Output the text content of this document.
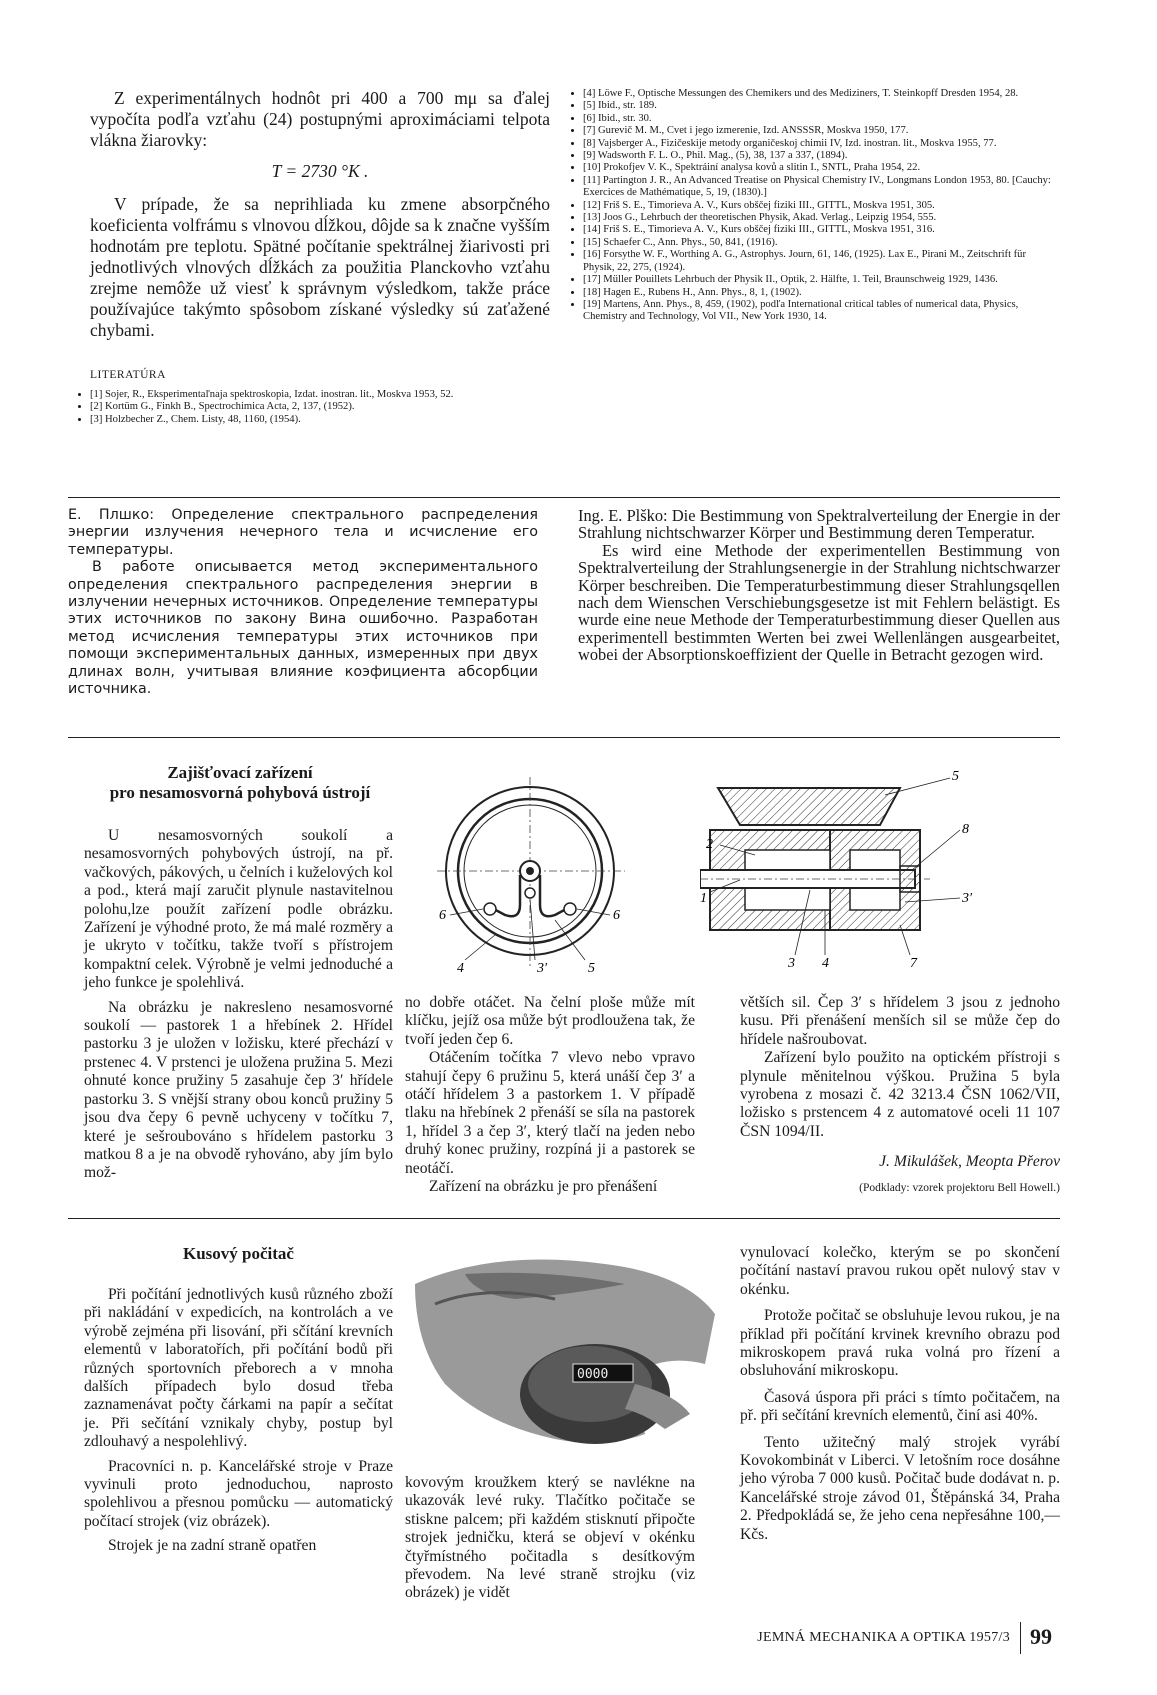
Z experimentálnych hodnôt pri 400 a 700 mμ sa ďalej vypočíta podľa vzťahu (24) postupnými aproximáciami telpota vlákna žiarovky:

T = 2730 °K .

V prípade, že sa neprihliada ku zmene absorpčného koeficienta volfrámu s vlnovou dĺžkou, dôjde sa k značne vyšším hodnotám pre teplotu. Spätné počítanie spektrálnej žiarivosti pri jednotlivých vlnových dĺžkách za použitia Planckovho vzťahu zrejme nemôže už viesť k správnym výsledkom, takže práce používajúce takýmto spôsobom získané výsledky sú zaťažené chybami.

LITERATÚRA

• [1] Sojer, R., Eksperimentaľnaja spektroskopia, Izdat. inostran. lit., Moskva 1953, 52.
• [2] Kortüm G., Finkh B., Spectrochimica Acta, 2, 137, (1952).
• [3] Holzbecher Z., Chem. Listy, 48, 1160, (1954).
• [4] Löwe F., Optische Messungen des Chemikers und des Mediziners, T. Steinkopff Dresden 1954, 28.
• [5] Ibid., str. 189.
• [6] Ibid., str. 30.
• [7] Gurevič M. M., Cvet i jego izmerenie, Izd. ANSSSR, Moskva 1950, 177.
• [8] Vajsberger A., Fizičeskije metody organičeskoj chimii IV, Izd. inostran. lit., Moskva 1955, 77.
• [9] Wadsworth F. L. O., Phil. Mag., (5), 38, 137 a 337, (1894).
• [10] Prokofjev V. K., Spektráiní analysa kovů a slitin I., SNTL, Praha 1954, 22.
• [11] Partington J. R., An Advanced Treatise on Physical Chemistry IV., Longmans London 1953, 80. [Cauchy: Exercices de Mathématique, 5, 19, (1830).]
• [12] Friš S. E., Timorieva A. V., Kurs obščej fiziki III., GITTL, Moskva 1951, 305.
• [13] Joos G., Lehrbuch der theoretischen Physik, Akad. Verlag., Leipzig 1954, 555.
• [14] Friš S. E., Timorieva A. V., Kurs obščej fiziki III., GITTL, Moskva 1951, 316.
• [15] Schaefer C., Ann. Phys., 50, 841, (1916).
• [16] Forsythe W. F., Worthing A. G., Astrophys. Journ, 61, 146, (1925). Lax E., Pirani M., Zeitschrift für Physik, 22, 275, (1924).
• [17] Müller Pouillets Lehrbuch der Physik II., Optik, 2. Hälfte, 1. Teil, Braunschweig 1929, 1436.
• [18] Hagen E., Rubens H., Ann. Phys., 8, 1, (1902).
• [19] Martens, Ann. Phys., 8, 459, (1902), podľa International critical tables of numerical data, Physics, Chemistry and Technology, Vol VII., New York 1930, 14.

Е. Плшко: Определение спектрального распределения энергии излучения нечерного тела и исчисление его температуры.

В работе описывается метод экспериментального определения спектрального распределения энергии в излучении нечерных источников. Определение температуры этих источников по закону Вина ошибочно. Разработан метод исчисления температуры этих источников при помощи экспериментальных данных, измеренных при двух длинах волн, учитывая влияние коэфициента абсорбции источника.

Ing. E. Plško: Die Bestimmung von Spektralverteilung der Energie in der Strahlung nichtschwarzer Körper und Bestimmung deren Temperatur.

Es wird eine Methode der experimentellen Bestimmung von Spektralverteilung der Strahlungsenergie in der Strahlung nichtschwarzer Körper beschreiben. Die Temperaturbestimmung dieser Strahlungsqellen nach dem Wienschen Verschiebungsgesetze ist mit Fehlern belästigt. Es wurde eine neue Methode der Temperaturbestimmung dieser Quellen aus experimentell bestimmten Werten bei zwei Wellenlängen ausgearbeitet, wobei der Absorptionskoeffizient der Quelle in Betracht gezogen wird.

Zajišťovací zařízení

pro nesamosvorná pohybová ústrojí

U nesamosvorných soukolí a nesamosvorných pohybových ústrojí, na př. vačkových, pákových, u čelních i kuželových kol a pod., která mají zaručit plynule nastavitelnou polohu,lze použít zařízení podle obrázku. Zařízení je výhodné proto, že má malé rozměry a je ukryto v točítku, takže tvoří s přístrojem kompaktní celek. Výrobně je velmi jednoduché a jeho funkce je spolehlivá.

Na obrázku je nakresleno nesamosvorné soukolí — pastorek 1 a hřebínek 2. Hřídel pastorku 3 je uložen v ložisku, které přechází v prstenec 4. V prstenci je uložena pružina 5. Mezi ohnuté konce pružiny 5 zasahuje čep 3′ hřídele pastorku 3. S vnější strany obou konců pružiny 5 jsou dva čepy 6 pevně uchyceny v točítku 7, které je sešroubováno s hřídelem pastorku 3 matkou 8 a je na obvodě ryhováno, aby jím bylo mož-

6	6
4	3′	5
5
2
8
1	3′
3 4	7

no dobře otáčet. Na čelní ploše může mít klíčku, jejíž osa může být prodloužena tak, že tvoří jeden čep 6.

Otáčením točítka 7 vlevo nebo vpravo stahují čepy 6 pružinu 5, která unáší čep 3′ a otáčí hřídelem 3 a pastorkem 1. V případě tlaku na hřebínek 2 přenáší se síla na pastorek 1, hřídel 3 a čep 3′, který tlačí na jeden nebo druhý konec pružiny, rozpíná ji a pastorek se neotáčí.

Zařízení na obrázku je pro přenášení

větších sil. Čep 3′ s hřídelem 3 jsou z jednoho kusu. Při přenášení menších sil se může čep do hřídele našroubovat.

Zařízení bylo použito na optickém přístroji s plynule měnitelnou výškou. Pružina 5 byla vyrobena z mosazi č. 42 3213.4 ČSN 1062/VII, ložisko s prstencem 4 z automatové oceli 11 107 ČSN 1094/II.

J. Mikulášek, Meopta Přerov

(Podklady: vzorek projektoru Bell Howell.)

Kusový počitač

Při počítání jednotlivých kusů různého zboží při nakládání v expedicích, na kontrolách a ve výrobě zejména při lisování, při sčítání krevních elementů v laboratořích, při počítání bodů při různých sportovních přeborech a v mnoha dalších případech bylo dosud třeba zaznamenávat počty čárkami na papír a sečítat je. Při sečítání vznikaly chyby, postup byl zdlouhavý a nespolehlivý.

Pracovníci n. p. Kancelářské stroje v Praze vyvinuli proto jednoduchou, naprosto spolehlivou a přesnou pomůcku — automatický počítací strojek (viz obrázek).

Strojek je na zadní straně opatřen

0000

kovovým kroužkem který se navlékne na ukazovák levé ruky. Tlačítko počitače se stiskne palcem; při každém stisknutí připočte strojek jedničku, která se objeví v okénku čtyřmístného počitadla s desítkovým převodem. Na levé straně strojku (viz obrázek) je vidět

vynulovací kolečko, kterým se po skončení počítání nastaví pravou rukou opět nulový stav v okénku.

Protože počitač se obsluhuje levou rukou, je na příklad při počítání krvinek krevního obrazu pod mikroskopem pravá ruka volná pro řízení a obsluhování mikroskopu.

Časová úspora při práci s tímto počitačem, na př. při sečítání krevních elementů, činí asi 40%.

Tento užitečný malý strojek vyrábí Kovokombinát v Liberci. V letošním roce dosáhne jeho výroba 7 000 kusů. Počitač bude dodávat n. p. Kancelářské stroje závod 01, Štěpánská 34, Praha 2. Předpokládá se, že jeho cena nepřesáhne 100,— Kčs.

JEMNÁ MECHANIKA A OPTIKA 1957/3 99
